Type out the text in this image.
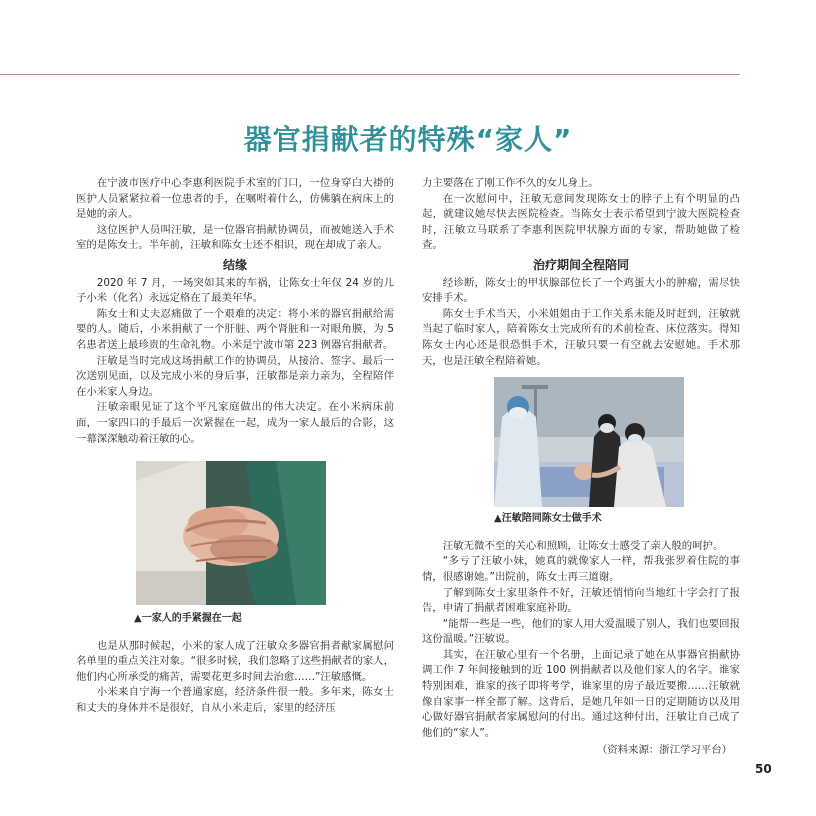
器官捐献者的特殊“家人”

在宁波市医疗中心李惠利医院手术室的门口，一位身穿白大褂的医护人员紧紧拉着一位患者的手，在嘱咐着什么，仿佛躺在病床上的是她的亲人。

这位医护人员叫汪敏，是一位器官捐献协调员，而被她送入手术室的是陈女士。半年前，汪敏和陈女士还不相识，现在却成了亲人。

结缘

2020 年 7 月，一场突如其来的车祸，让陈女士年仅 24 岁的儿子小米（化名）永远定格在了最美年华。

陈女士和丈夫忍痛做了一个艰难的决定：将小米的器官捐献给需要的人。随后，小米捐献了一个肝脏、两个肾脏和一对眼角膜，为 5 名患者送上最珍贵的生命礼物。小米是宁波市第 223 例器官捐献者。

汪敏是当时完成这场捐献工作的协调员，从接洽、签字、最后一次送别见面，以及完成小米的身后事，汪敏都是亲力亲为，全程陪伴在小米家人身边。

汪敏亲眼见证了这个平凡家庭做出的伟大决定。在小米病床前面，一家四口的手最后一次紧握在一起，成为一家人最后的合影，这一幕深深触动着汪敏的心。

▲一家人的手紧握在一起

也是从那时候起，小米的家人成了汪敏众多器官捐者献家属慰问名单里的重点关注对象。“很多时候，我们忽略了这些捐献者的家人，他们内心所承受的痛苦，需要花更多时间去治愈……”汪敏感慨。

小米来自宁海一个普通家庭，经济条件很一般。多年来，陈女士和丈夫的身体并不是很好，自从小米走后，家里的经济压

力主要落在了刚工作不久的女儿身上。

在一次慰问中，汪敏无意间发现陈女士的脖子上有个明显的凸起，就建议她尽快去医院检查。当陈女士表示希望到宁波大医院检查时，汪敏立马联系了李惠利医院甲状腺方面的专家，帮助她做了检查。

治疗期间全程陪同

经诊断，陈女士的甲状腺部位长了一个鸡蛋大小的肿瘤，需尽快安排手术。

陈女士手术当天，小米姐姐由于工作关系未能及时赶到，汪敏就当起了临时家人，陪着陈女士完成所有的术前检查、床位落实。得知陈女士内心还是很恐惧手术，汪敏只要一有空就去安慰她。手术那天，也是汪敏全程陪着她。

▲汪敏陪同陈女士做手术

汪敏无微不至的关心和照顾，让陈女士感受了亲人般的呵护。

“多亏了汪敏小妹，她真的就像家人一样，帮我张罗着住院的事情，很感谢她。”出院前，陈女士再三道谢。

了解到陈女士家里条件不好，汪敏还悄悄向当地红十字会打了报告，申请了捐献者困难家庭补助。

“能帮一些是一些，他们的家人用大爱温暖了别人，我们也要回报这份温暖。”汪敏说。

其实，在汪敏心里有一个名册，上面记录了她在从事器官捐献协调工作 7 年间接触到的近 100 例捐献者以及他们家人的名字。谁家特别困难，谁家的孩子即将考学，谁家里的房子最近要搬……汪敏就像自家事一样全都了解。这背后，是她几年如一日的定期随访以及用心做好器官捐献者家属慰问的付出。通过这种付出，汪敏让自己成了他们的“家人”。

（资料来源：浙江学习平台）
50
